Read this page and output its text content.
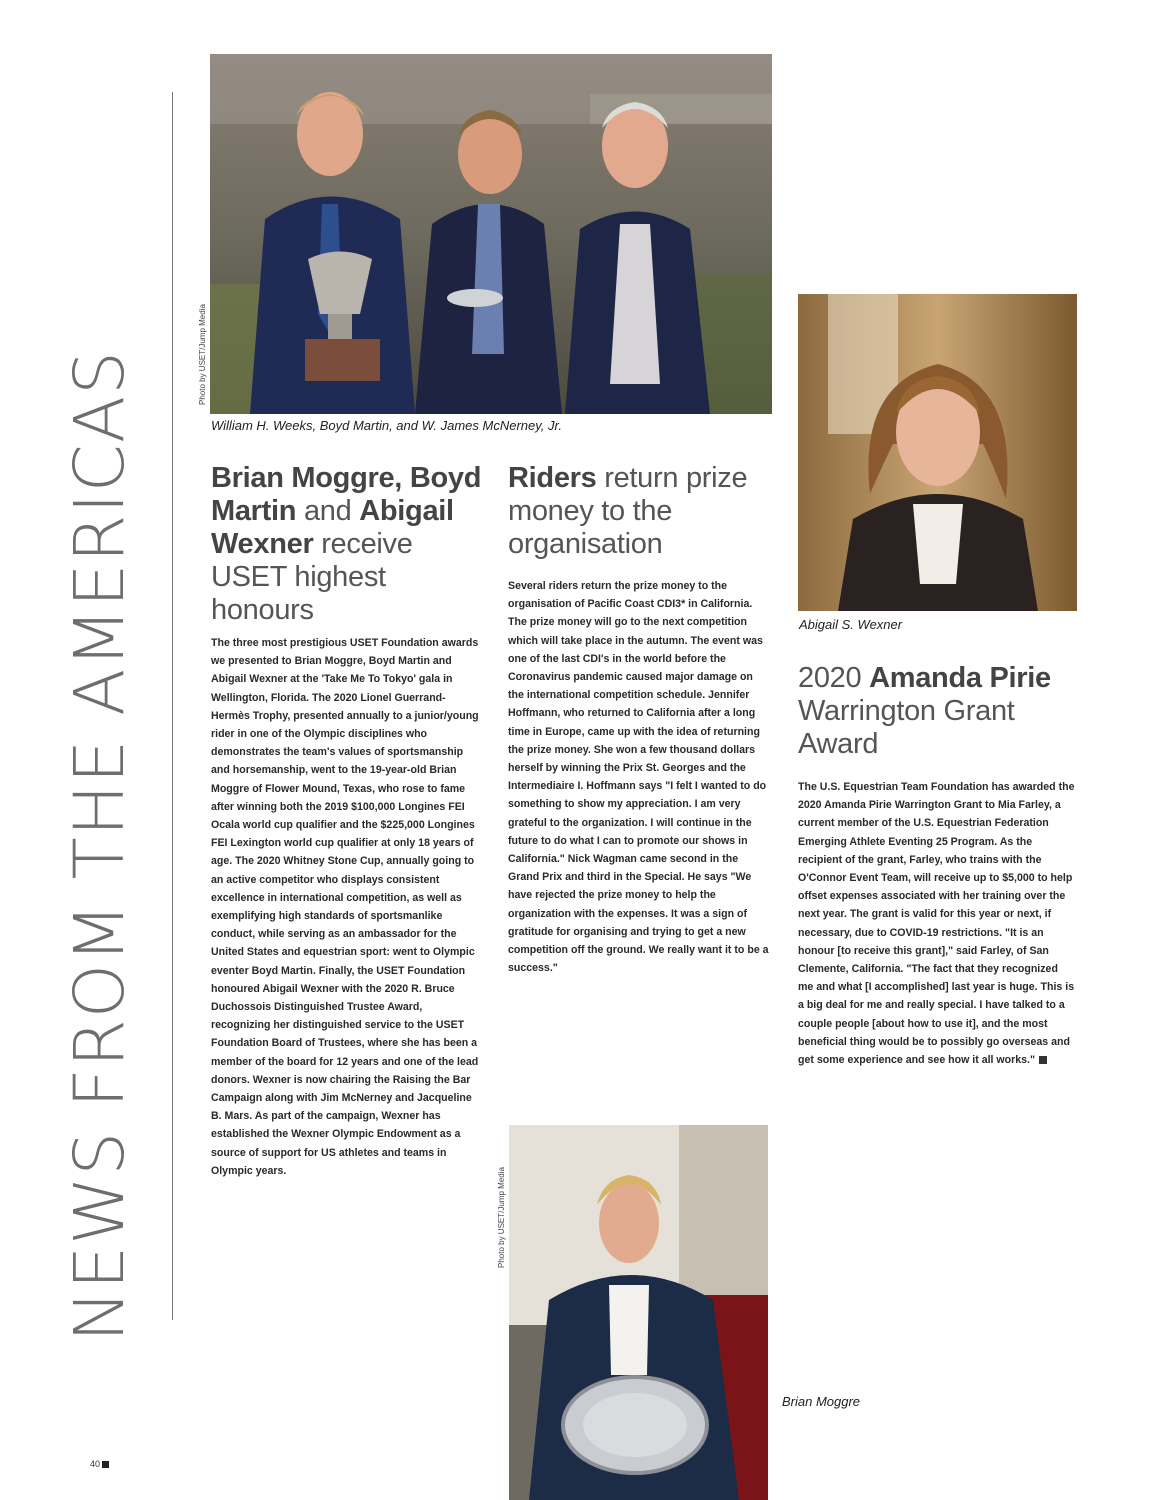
NEWS FROM THE AMERICAS	Photo by USET/Jump Media
William H. Weeks, Boyd Martin, and W. James McNerney, Jr.
Abigail S. Wexner
Photo by USET/Jump Media
Brian Moggre
Brian Moggre, Boyd Martin and Abigail Wexner receive USET highest honours
The three most prestigious USET Foundation awards we presented to Brian Moggre, Boyd Martin and Abigail Wexner at the 'Take Me To Tokyo' gala in Wellington, Florida. The 2020 Lionel Guerrand-Hermès Trophy, presented annually to a junior/young rider in one of the Olympic disciplines who demonstrates the team's values of sportsmanship and horsemanship, went to the 19-year-old Brian Moggre of Flower Mound, Texas, who rose to fame after winning both the 2019 $100,000 Longines FEI Ocala world cup qualifier and the $225,000 Longines FEI Lexington world cup qualifier at only 18 years of age. The 2020 Whitney Stone Cup, annually going to an active competitor who displays consistent excellence in international competition, as well as exemplifying high standards of sportsmanlike conduct, while serving as an ambassador for the United States and equestrian sport: went to Olympic eventer Boyd Martin. Finally, the USET Foundation honoured Abigail Wexner with the 2020 R. Bruce Duchossois Distinguished Trustee Award, recognizing her distinguished service to the USET Foundation Board of Trustees, where she has been a member of the board for 12 years and one of the lead donors. Wexner is now chairing the Raising the Bar Campaign along with Jim McNerney and Jacqueline B. Mars. As part of the campaign, Wexner has established the Wexner Olympic Endowment as a source of support for US athletes and teams in Olympic years.
Riders return prize money to the organisation
Several riders return the prize money to the organisation of Pacific Coast CDI3* in California. The prize money will go to the next competition which will take place in the autumn. The event was one of the last CDI's in the world before the Coronavirus pandemic caused major damage on the international competition schedule. Jennifer Hoffmann, who returned to California after a long time in Europe, came up with the idea of returning the prize money. She won a few thousand dollars herself by winning the Prix St. Georges and the Intermediaire I. Hoffmann says "I felt I wanted to do something to show my appreciation. I am very grateful to the organization. I will continue in the future to do what I can to promote our shows in California." Nick Wagman came second in the Grand Prix and third in the Special. He says "We have rejected the prize money to help the organization with the expenses. It was a sign of gratitude for organising and trying to get a new competition off the ground. We really want it to be a success."
2020 Amanda Pirie Warrington Grant Award
The U.S. Equestrian Team Foundation has awarded the 2020 Amanda Pirie Warrington Grant to Mia Farley, a current member of the U.S. Equestrian Federation Emerging Athlete Eventing 25 Program. As the recipient of the grant, Farley, who trains with the O'Connor Event Team, will receive up to $5,000 to help offset expenses associated with her training over the next year. The grant is valid for this year or next, if necessary, due to COVID-19 restrictions. "It is an honour [to receive this grant]," said Farley, of San Clemente, California. "The fact that they recognized me and what [I accomplished] last year is huge. This is a big deal for me and really special. I have talked to a couple people [about how to use it], and the most beneficial thing would be to possibly go overseas and get some experience and see how it all works."
40
